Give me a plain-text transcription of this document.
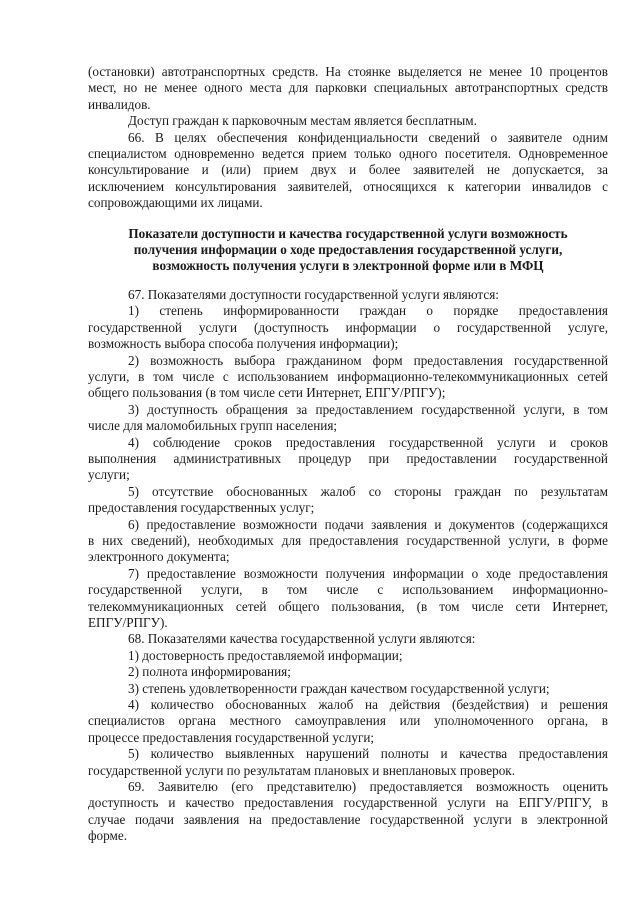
(остановки) автотранспортных средств. На стоянке выделяется не менее 10 процентов
мест, но не менее одного места для парковки специальных автотранспортных средств
инвалидов.
Доступ граждан к парковочным местам является бесплатным.
66. В целях обеспечения конфиденциальности сведений о заявителе одним
специалистом одновременно ведется прием только одного посетителя. Одновременное
консультирование и (или) прием двух и более заявителей не допускается, за
исключением консультирования заявителей, относящихся к категории инвалидов с
сопровождающими их лицами.
Показатели доступности и качества государственной услуги возможность
получения информации о ходе предоставления государственной услуги,
возможность получения услуги в электронной форме или в МФЦ
67. Показателями доступности государственной услуги являются:
1) степень информированности граждан о порядке предоставления
государственной услуги (доступность информации о государственной услуге,
возможность выбора способа получения информации);
2) возможность выбора гражданином форм предоставления государственной
услуги, в том числе с использованием информационно-телекоммуникационных сетей
общего пользования (в том числе сети Интернет, ЕПГУ/РПГУ);
3) доступность обращения за предоставлением государственной услуги, в том
числе для маломобильных групп населения;
4) соблюдение сроков предоставления государственной услуги и сроков
выполнения административных процедур при предоставлении государственной
услуги;
5) отсутствие обоснованных жалоб со стороны граждан по результатам
предоставления государственных услуг;
6) предоставление возможности подачи заявления и документов (содержащихся
в них сведений), необходимых для предоставления государственной услуги, в форме
электронного документа;
7) предоставление возможности получения информации о ходе предоставления
государственной услуги, в том числе с использованием информационно-
телекоммуникационных сетей общего пользования, (в том числе сети Интернет,
ЕПГУ/РПГУ).
68. Показателями качества государственной услуги являются:
1) достоверность предоставляемой информации;
2) полнота информирования;
3) степень удовлетворенности граждан качеством государственной услуги;
4) количество обоснованных жалоб на действия (бездействия) и решения
специалистов органа местного самоуправления или уполномоченного органа, в
процессе предоставления государственной услуги;
5) количество выявленных нарушений полноты и качества предоставления
государственной услуги по результатам плановых и внеплановых проверок.
69. Заявителю (его представителю) предоставляется возможность оценить
доступность и качество предоставления государственной услуги на ЕПГУ/РПГУ, в
случае подачи заявления на предоставление государственной услуги в электронной
форме.
